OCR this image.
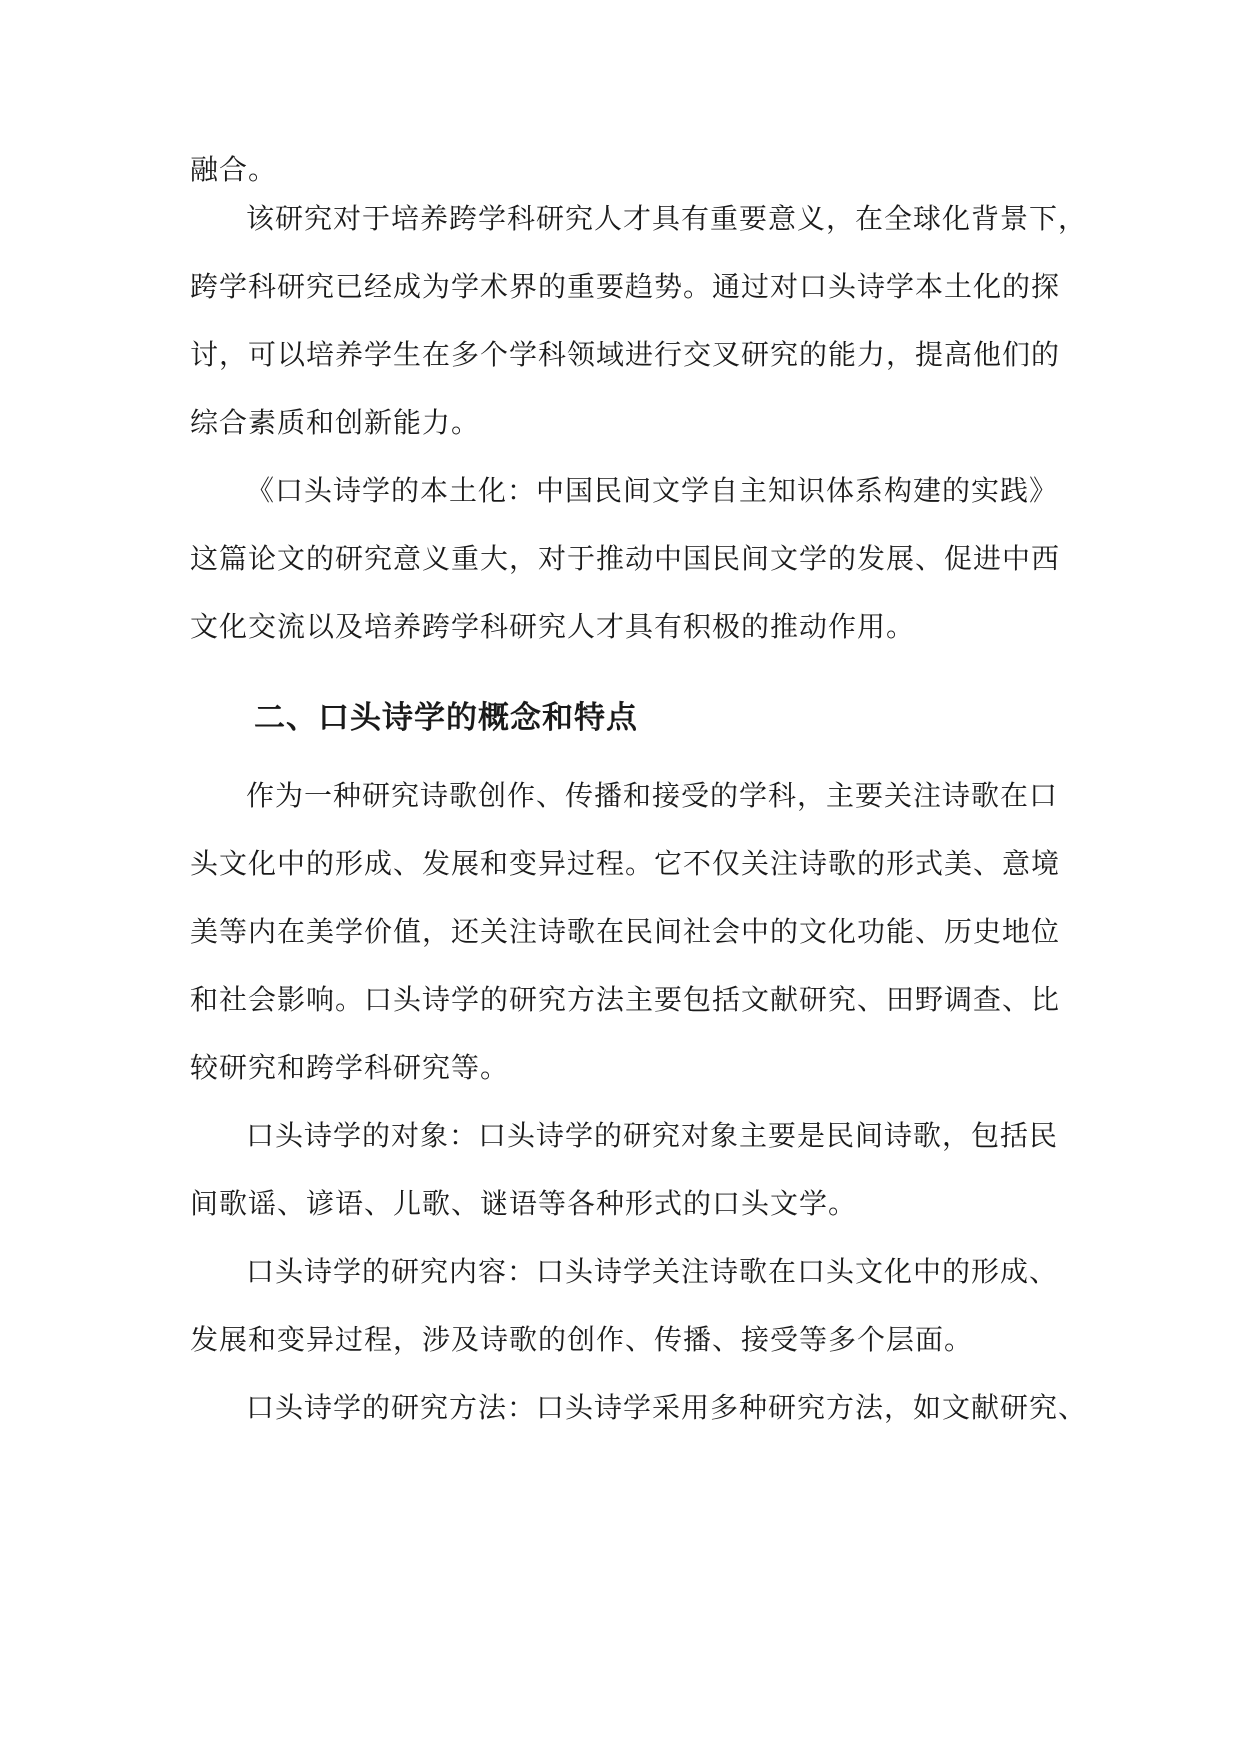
融合。
该研究对于培养跨学科研究人才具有重要意义，在全球化背景下，
跨学科研究已经成为学术界的重要趋势。通过对口头诗学本土化的探
讨，可以培养学生在多个学科领域进行交叉研究的能力，提高他们的
综合素质和创新能力。
《口头诗学的本土化：中国民间文学自主知识体系构建的实践》
这篇论文的研究意义重大，对于推动中国民间文学的发展、促进中西
文化交流以及培养跨学科研究人才具有积极的推动作用。
二、口头诗学的概念和特点
作为一种研究诗歌创作、传播和接受的学科，主要关注诗歌在口
头文化中的形成、发展和变异过程。它不仅关注诗歌的形式美、意境
美等内在美学价值，还关注诗歌在民间社会中的文化功能、历史地位
和社会影响。口头诗学的研究方法主要包括文献研究、田野调查、比
较研究和跨学科研究等。
口头诗学的对象：口头诗学的研究对象主要是民间诗歌，包括民
间歌谣、谚语、儿歌、谜语等各种形式的口头文学。
口头诗学的研究内容：口头诗学关注诗歌在口头文化中的形成、
发展和变异过程，涉及诗歌的创作、传播、接受等多个层面。
口头诗学的研究方法：口头诗学采用多种研究方法，如文献研究、
